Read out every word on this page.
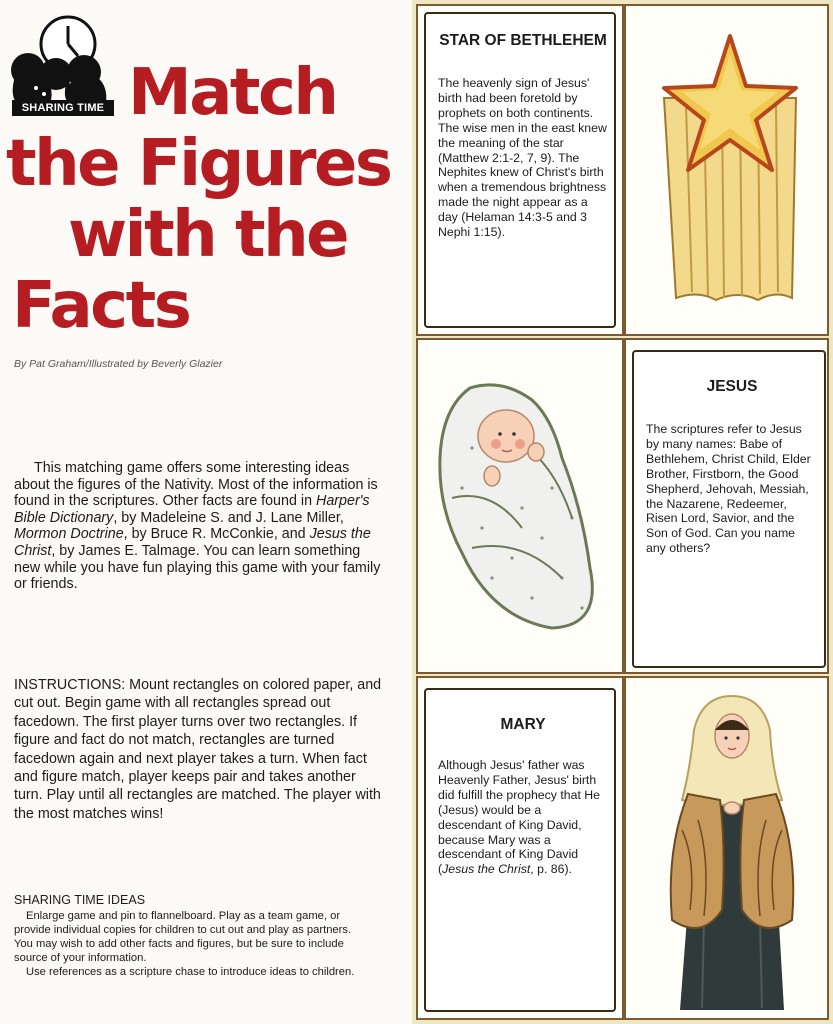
SHARING TIME Match
the Figures
with the
Facts
By Pat Graham/Illustrated by Beverly Glazier
This matching game offers some interesting ideas about the figures of the Nativity. Most of the information is found in the scriptures. Other facts are found in Harper's Bible Dictionary, by Madeleine S. and J. Lane Miller, Mormon Doctrine, by Bruce R. McConkie, and Jesus the Christ, by James E. Talmage. You can learn something new while you have fun playing this game with your family or friends.
INSTRUCTIONS: Mount rectangles on colored paper, and cut out. Begin game with all rectangles spread out facedown. The first player turns over two rectangles. If figure and fact do not match, rectangles are turned facedown again and next player takes a turn. When fact and figure match, player keeps pair and takes another turn. Play until all rectangles are matched. The player with the most matches wins!
SHARING TIME IDEAS

Enlarge game and pin to flannelboard. Play as a team game, or provide individual copies for children to cut out and play as partners. You may wish to add other facts and figures, but be sure to include source of your information.

Use references as a scripture chase to introduce ideas to children.

STAR OF BETHLEHEM
The heavenly sign of Jesus' birth had been foretold by prophets on both continents. The wise men in the east knew the meaning of the star (Matthew 2:1-2, 7, 9). The Nephites knew of Christ's birth when a tremendous brightness made the night appear as a day (Helaman 14:3-5 and 3 Nephi 1:15).
JESUS
The scriptures refer to Jesus by many names: Babe of Bethlehem, Christ Child, Elder Brother, Firstborn, the Good Shepherd, Jehovah, Messiah, the Nazarene, Redeemer, Risen Lord, Savior, and the Son of God. Can you name any others?
MARY
Although Jesus' father was Heavenly Father, Jesus' birth did fulfill the prophecy that He (Jesus) would be a descendant of King David, because Mary was a descendant of King David (Jesus the Christ, p. 86).
